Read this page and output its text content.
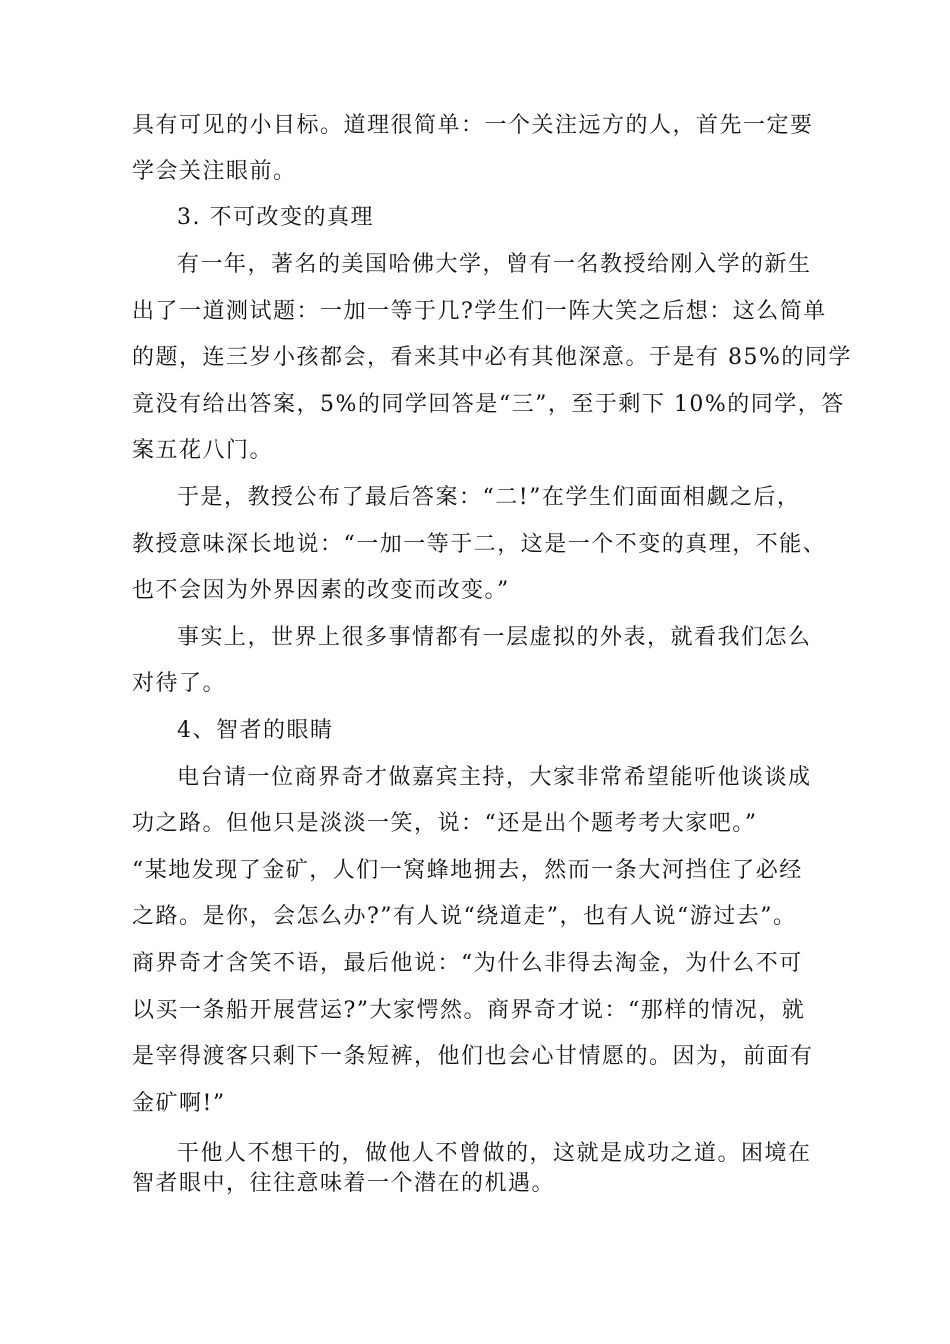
具有可见的小目标。道理很简单：一个关注远方的人，首先一定要
学会关注眼前。
3. 不可改变的真理
有一年，著名的美国哈佛大学，曾有一名教授给刚入学的新生
出了一道测试题：一加一等于几?学生们一阵大笑之后想：这么简单
的题，连三岁小孩都会，看来其中必有其他深意。于是有 85%的同学
竟没有给出答案，5%的同学回答是“三”，至于剩下 10%的同学，答
案五花八门。
于是，教授公布了最后答案：“二!”在学生们面面相觑之后，
教授意味深长地说：“一加一等于二，这是一个不变的真理，不能、
也不会因为外界因素的改变而改变。”
事实上，世界上很多事情都有一层虚拟的外表，就看我们怎么
对待了。
4、智者的眼睛
电台请一位商界奇才做嘉宾主持，大家非常希望能听他谈谈成
功之路。但他只是淡淡一笑，说：“还是出个题考考大家吧。”
“某地发现了金矿，人们一窝蜂地拥去，然而一条大河挡住了必经
之路。是你，会怎么办?”有人说“绕道走”，也有人说“游过去”。
商界奇才含笑不语，最后他说：“为什么非得去淘金，为什么不可
以买一条船开展营运?”大家愕然。商界奇才说：“那样的情况，就
是宰得渡客只剩下一条短裤，他们也会心甘情愿的。因为，前面有
金矿啊!”
干他人不想干的，做他人不曾做的，这就是成功之道。困境在
智者眼中，往往意味着一个潜在的机遇。
